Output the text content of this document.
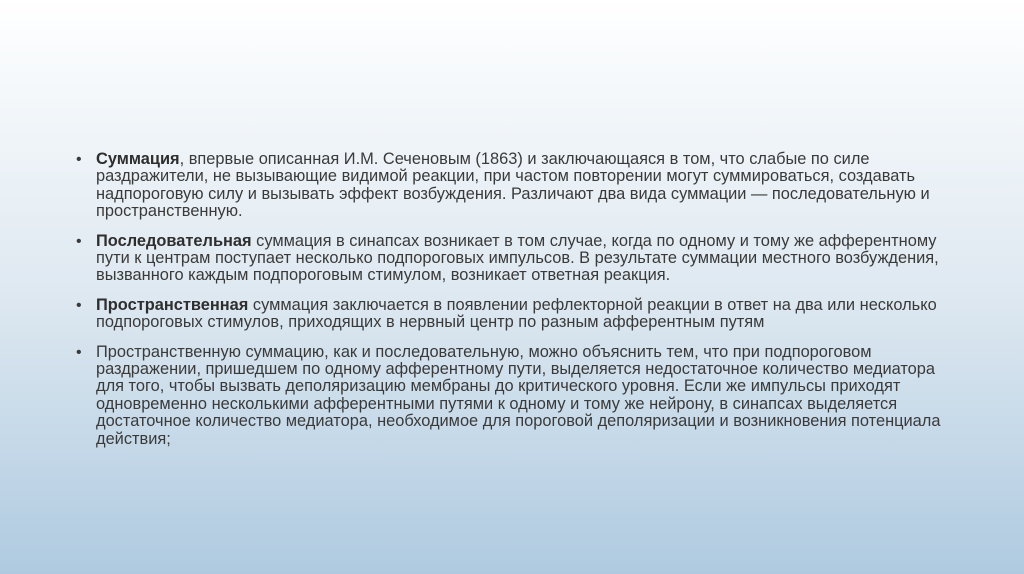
• Суммация, впервые описанная И.М. Сеченовым (1863) и заключающаяся в том, что слабые по силе раздражители, не вызывающие видимой реакции, при частом повторении могут суммироваться, создавать надпороговую силу и вызывать эффект возбуждения. Различают два вида суммации — последовательную и пространственную.
• Последовательная суммация в синапсах возникает в том случае, когда по одному и тому же афферентному пути к центрам поступает несколько подпороговых импульсов. В результате суммации местного возбуждения, вызванного каждым подпороговым стимулом, возникает ответная реакция.
• Пространственная суммация заключается в появлении рефлекторной реакции в ответ на два или несколько подпороговых стимулов, приходящих в нервный центр по разным афферентным путям
• Пространственную суммацию, как и последовательную, можно объяснить тем, что при подпороговом раздражении, пришедшем по одному афферентному пути, выделяется недостаточное количество медиатора для того, чтобы вызвать деполяризацию мембраны до критического уровня. Если же импульсы приходят одновременно несколькими афферентными путями к одному и тому же нейрону, в синапсах выделяется достаточное количество медиатора, необходимое для пороговой деполяризации и возникновения потенциала действия;
